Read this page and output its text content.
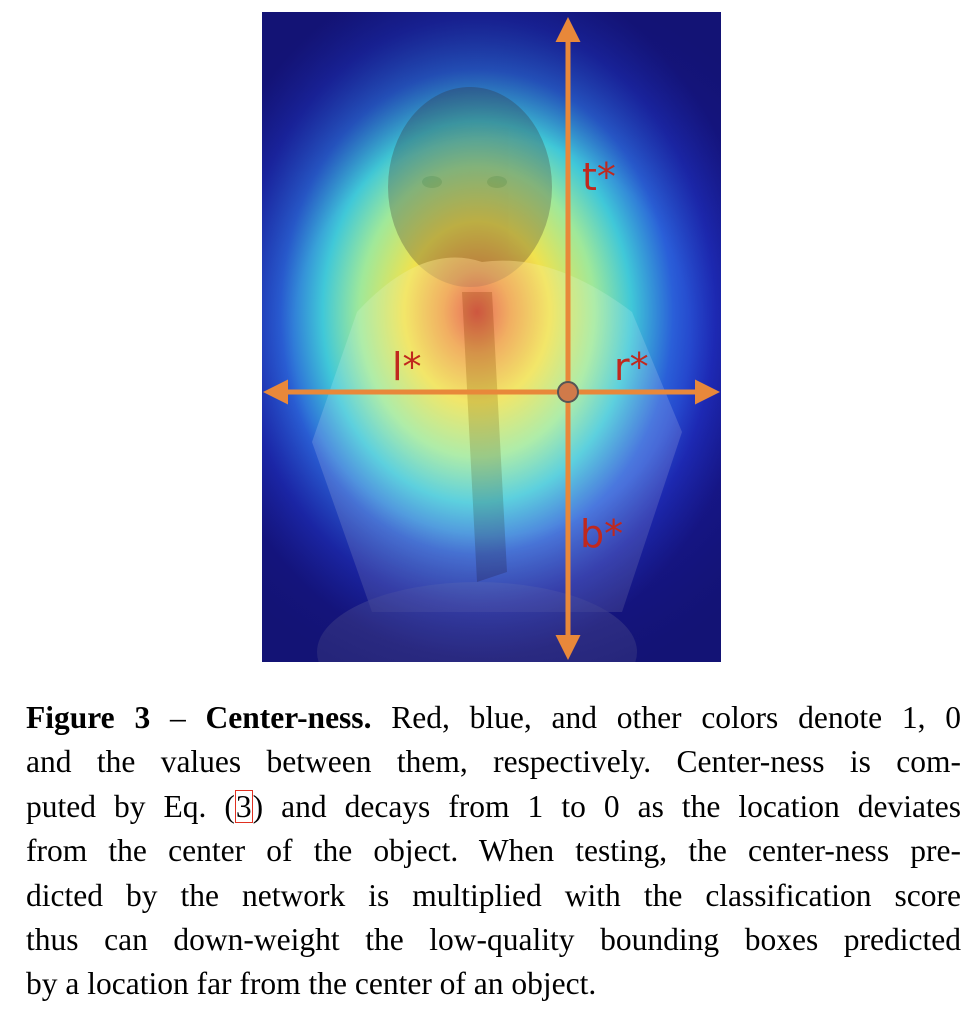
t*
l*	r*
b*
Figure 3 – Center-ness. Red, blue, and other colors denote 1, 0
and the values between them, respectively. Center-ness is com-
puted by Eq. (3) and decays from 1 to 0 as the location deviates
from the center of the object. When testing, the center-ness pre-
dicted by the network is multiplied with the classification score
thus can down-weight the low-quality bounding boxes predicted
by a location far from the center of an object.
